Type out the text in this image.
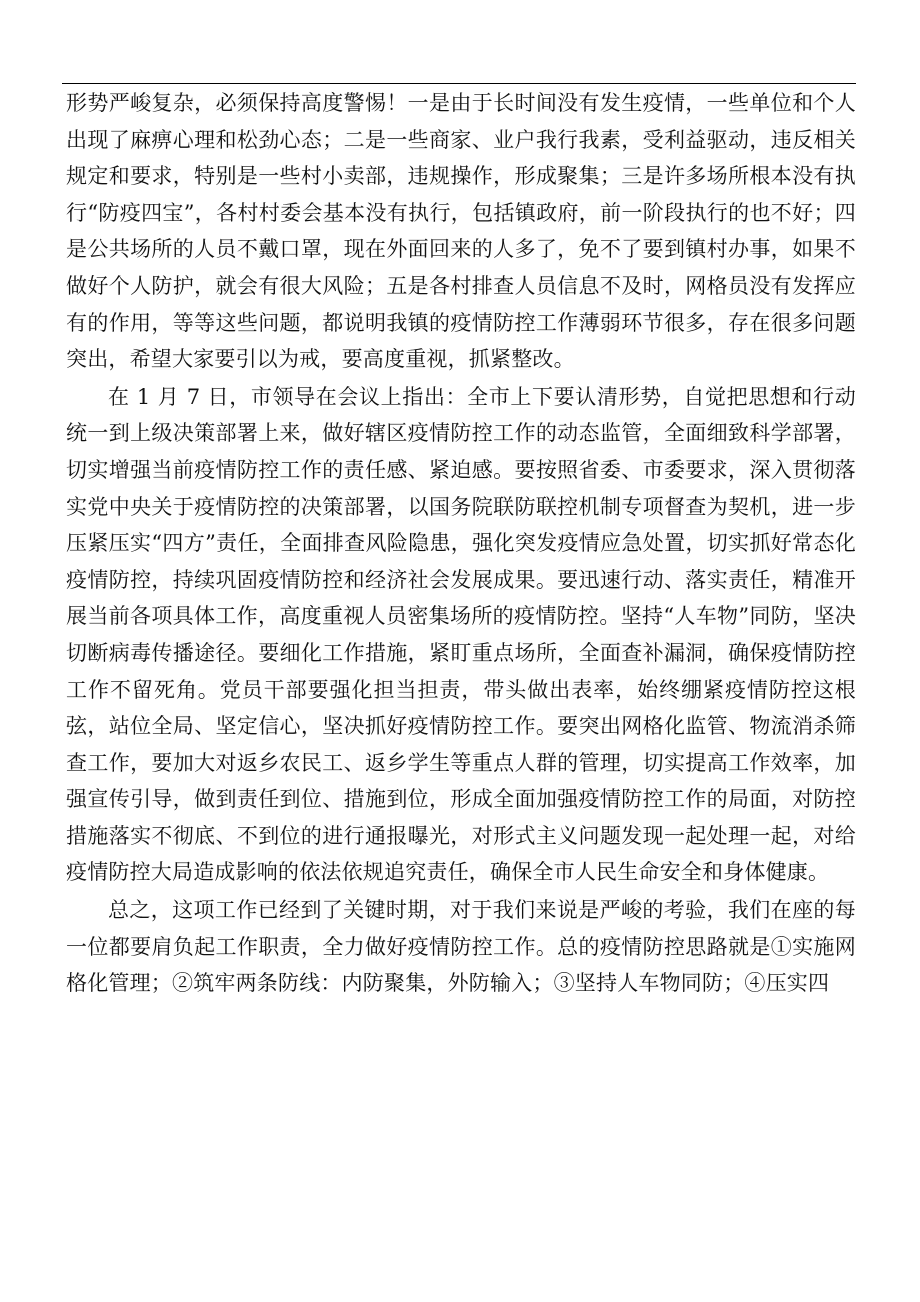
形势严峻复杂，必须保持高度警惕！一是由于长时间没有发生疫情，一些单位和个人出现了麻痹心理和松劲心态；二是一些商家、业户我行我素，受利益驱动，违反相关规定和要求，特别是一些村小卖部，违规操作，形成聚集；三是许多场所根本没有执行“防疫四宝”，各村村委会基本没有执行，包括镇政府，前一阶段执行的也不好；四是公共场所的人员不戴口罩，现在外面回来的人多了，免不了要到镇村办事，如果不做好个人防护，就会有很大风险；五是各村排查人员信息不及时，网格员没有发挥应有的作用，等等这些问题，都说明我镇的疫情防控工作薄弱环节很多，存在很多问题突出，希望大家要引以为戒，要高度重视，抓紧整改。

在 1 月 7 日，市领导在会议上指出：全市上下要认清形势，自觉把思想和行动统一到上级决策部署上来，做好辖区疫情防控工作的动态监管，全面细致科学部署，切实增强当前疫情防控工作的责任感、紧迫感。要按照省委、市委要求，深入贯彻落实党中央关于疫情防控的决策部署，以国务院联防联控机制专项督查为契机，进一步压紧压实“四方”责任，全面排查风险隐患，强化突发疫情应急处置，切实抓好常态化疫情防控，持续巩固疫情防控和经济社会发展成果。要迅速行动、落实责任，精准开展当前各项具体工作，高度重视人员密集场所的疫情防控。坚持“人车物”同防，坚决切断病毒传播途径。要细化工作措施，紧盯重点场所，全面查补漏洞，确保疫情防控工作不留死角。党员干部要强化担当担责，带头做出表率，始终绷紧疫情防控这根弦，站位全局、坚定信心，坚决抓好疫情防控工作。要突出网格化监管、物流消杀筛查工作，要加大对返乡农民工、返乡学生等重点人群的管理，切实提高工作效率，加强宣传引导，做到责任到位、措施到位，形成全面加强疫情防控工作的局面，对防控措施落实不彻底、不到位的进行通报曝光，对形式主义问题发现一起处理一起，对给疫情防控大局造成影响的依法依规追究责任，确保全市人民生命安全和身体健康。

总之，这项工作已经到了关键时期，对于我们来说是严峻的考验，我们在座的每一位都要肩负起工作职责，全力做好疫情防控工作。总的疫情防控思路就是①实施网格化管理；②筑牢两条防线：内防聚集，外防输入；③坚持人车物同防；④压实四
